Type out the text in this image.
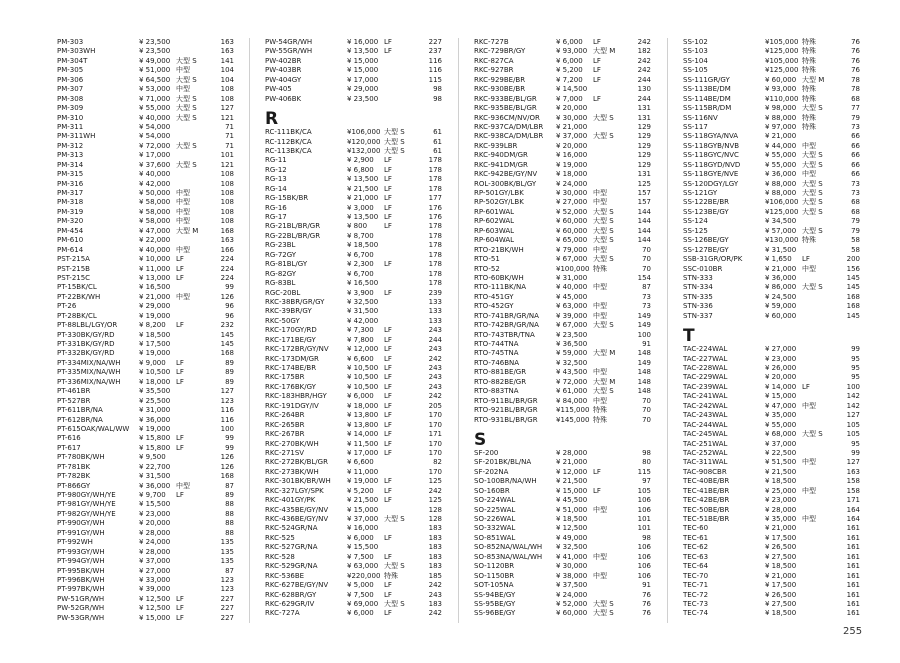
PM-303	¥ 23,500	163
PM-303WH	¥ 23,500	163
PM-304T	¥ 49,000 大型 S	141
PM-305	¥ 51,000 中型	104
PM-306	¥ 64,500 大型 S	104
PM-307	¥ 53,000 中型	108
PM-308	¥ 71,000 大型 S	108
PM-309	¥ 55,000 大型 S	127
PM-310	¥ 40,000 大型 S	121
PM-311	¥ 54,000	71
PM-311WH	¥ 54,000	71
PM-312	¥ 72,000 大型 S	71
PM-313	¥ 17,000	101
PM-314	¥ 37,600 大型 S	121
PM-315	¥ 40,000	108
PM-316	¥ 42,000	108
PM-317	¥ 50,000 中型	108
PM-318	¥ 58,000 中型	108
PM-319	¥ 58,000 中型	108
PM-320	¥ 58,000 中型	108
PM-454	¥ 47,000 大型 M	168
PM-610	¥ 22,000	163
PM-614	¥ 40,000 中型	166
PST-215A	¥ 10,000 LF	224
PST-215B	¥ 11,000 LF	224
PST-215C	¥ 13,000 LF	224
PT-15BK/CL	¥ 16,500	99
PT-22BK/WH	¥ 21,000 中型	126
PT-26	¥ 29,000	96
PT-28BK/CL	¥ 19,000	96
PT-88LBL/LGY/OR	¥ 8,200 LF	232
PT-330BK/GY/RD	¥ 18,500	145
PT-331BK/GY/RD	¥ 17,500	145
PT-332BK/GY/RD	¥ 19,000	168
PT-334MIX/NA/WH	¥ 9,000 LF	89
PT-335MIX/NA/WH	¥ 10,500 LF	89
PT-336MIX/NA/WH	¥ 18,000 LF	89
PT-461BR	¥ 35,500	127
PT-527BR	¥ 25,500	123
PT-611BR/NA	¥ 31,000	116
PT-612BR/NA	¥ 36,000	116
PT-615OAK/WAL/WW ¥ 19,000	100
PT-616	¥ 15,800 LF	99
PT-617	¥ 15,800 LF	99
PT-780BK/WH	¥ 9,500	126
PT-781BK	¥ 22,700	126
PT-782BK	¥ 31,500	168
PT-866GY	¥ 36,000 中型	87
PT-980GY/WH/YE	¥ 9,700 LF	89
PT-981GY/WH/YE	¥ 15,500	88
PT-982GY/WH/YE	¥ 23,000	88
PT-990GY/WH	¥ 20,000	88
PT-991GY/WH	¥ 28,000	88
PT-992WH	¥ 24,000	135
PT-993GY/WH	¥ 28,000	135
PT-994GY/WH	¥ 37,000	135
PT-995BK/WH	¥ 27,000	87
PT-996BK/WH	¥ 33,000	123
PT-997BK/WH	¥ 39,000	123
PW-51GR/WH	¥ 12,500 LF	227
PW-52GR/WH	¥ 12,500 LF	227
PW-53GR/WH	¥ 15,000 LF	227
PW-54GR/WH	¥ 16,000 LF	227
PW-55GR/WH	¥ 13,500 LF	237
PW-402BR	¥ 15,000	116
PW-403BR	¥ 15,000	116
PW-404GY	¥ 17,000	115
PW-405	¥ 29,000	98
PW-406BK	¥ 23,500	98
R
RC-111BK/CA	¥106,000 大型 S	61
RC-112BK/CA	¥120,000 大型 S	61
RC-113BK/CA	¥132,000 大型 S	61
RG-11	¥ 2,900 LF	178
RG-12	¥ 6,800 LF	178
RG-13	¥ 13,500 LF	178
RG-14	¥ 21,500 LF	178
RG-15BK/BR	¥ 21,000 LF	177
RG-16	¥ 3,000 LF	176
RG-17	¥ 13,500 LF	176
RG-21BL/BR/GR	¥ 800 LF	178
RG-22BL/BR/GR	¥ 8,700	178
RG-23BL	¥ 18,500	178
RG-72GY	¥ 6,700	178
RG-81BL/GY	¥ 2,300 LF	178
RG-82GY	¥ 6,700	178
RG-83BL	¥ 16,500	178
RGC-20BL	¥ 3,900 LF	239
RKC-38BR/GR/GY	¥ 32,500	133
RKC-39BR/GY	¥ 31,500	133
RKC-50GY	¥ 42,000	133
RKC-170GY/RD	¥ 7,300 LF	243
RKC-171BE/GY	¥ 7,800 LF	244
RKC-172BR/GY/NV	¥ 12,000 LF	243
RKC-173DM/GR	¥ 6,600 LF	242
RKC-174BE/BR	¥ 10,500 LF	243
RKC-175BR	¥ 10,500 LF	243
RKC-176BK/GY	¥ 10,500 LF	243
RKC-183HBR/HGY	¥ 6,000 LF	242
RKC-191DGY/IV	¥ 18,000 LF	205
RKC-264BR	¥ 13,800 LF	170
RKC-265BR	¥ 13,800 LF	170
RKC-267BR	¥ 14,000 LF	171
RKC-270BK/WH	¥ 11,500 LF	170
RKC-271SV	¥ 17,000 LF	170
RKC-272BK/BL/GR	¥ 6,600	82
RKC-273BK/WH	¥ 11,000	170
RKC-301BK/BR/WH ¥ 19,000 LF	125
RKC-327LGY/SPK	¥ 5,200 LF	242
RKC-401GY/PK	¥ 21,500 LF	125
RKC-435BE/GY/NV	¥ 15,000	128
RKC-436BE/GY/NV	¥ 37,000 大型 S	128
RKC-524GR/NA	¥ 16,000	183
RKC-525	¥ 6,000 LF	183
RKC-527GR/NA	¥ 15,500	183
RKC-528	¥ 7,500 LF	183
RKC-529GR/NA	¥ 63,000 大型 S	183
RKC-536BE	¥220,000 特殊	185
RKC-627BE/GY/NV	¥ 5,000 LF	242
RKC-628BR/GY	¥ 7,500 LF	243
RKC-629GR/IV	¥ 69,000 大型 S	183
RKC-727A	¥ 6,000 LF	242
RKC-727B	¥ 6,000 LF	242
RKC-729BR/GY	¥ 93,000 大型 M	182
RKC-827CA	¥ 6,000 LF	242
RKC-927BR	¥ 5,200 LF	242
RKC-929BE/BR	¥ 7,200 LF	244
RKC-930BE/BR	¥ 14,500	130
RKC-933BE/BL/GR	¥ 7,000 LF	244
RKC-935BE/BL/GR	¥ 20,000	131
RKC-936CM/NV/OR ¥ 30,000 大型 S	131
RKC-937CA/DM/LBR ¥ 21,000	129
RKC-938CA/DM/LBR ¥ 37,000 大型 S	129
RKC-939LBR	¥ 20,000	129
RKC-940DM/GR	¥ 16,000	129
RKC-941DM/GR	¥ 19,000	129
RKC-942BE/GY/NV	¥ 18,000	131
ROL-300BK/BL/GY	¥ 24,000	125
RP-501GY/LBK	¥ 30,000 中型	157
RP-502GY/LBK	¥ 27,000 中型	157
RP-601WAL	¥ 52,000 大型 S	144
RP-602WAL	¥ 60,000 大型 S	144
RP-603WAL	¥ 60,000 大型 S	144
RP-604WAL	¥ 65,000 大型 S	144
RTO-21BK/WH	¥ 79,000 中型	70
RTO-51	¥ 67,000 大型 S	70
RTO-52	¥100,000 特殊	70
RTO-60BK/WH	¥ 31,000	154
RTO-111BK/NA	¥ 40,000 中型	87
RTO-451GY	¥ 45,000	73
RTO-452GY	¥ 63,000 中型	73
RTO-741BR/GR/NA ¥ 39,000 中型	149
RTO-742BR/GR/NA ¥ 67,000 大型 S	149
RTO-743TBR/TNA	¥ 23,500	100
RTO-744TNA	¥ 36,500	91
RTO-745TNA	¥ 59,000 大型 M	148
RTO-746BNA	¥ 32,500	149
RTO-881BE/GR	¥ 43,500 中型	148
RTO-882BE/GR	¥ 72,000 大型 M	148
RTO-883TNA	¥ 61,000 大型 S	148
RTO-911BL/BR/GR	¥ 84,000 中型	70
RTO-921BL/BR/GR	¥115,000 特殊	70
RTO-931BL/BR/GR	¥145,000 特殊	70
S
SF-200	¥ 28,000	98
SF-201BK/BL/NA	¥ 21,000	80
SF-202NA	¥ 12,000 LF	115
SO-100BR/NA/WH	¥ 21,500	97
SO-160BR	¥ 15,000 LF	105
SO-224WAL	¥ 45,500	106
SO-225WAL	¥ 51,000 中型	106
SO-226WAL	¥ 18,500	101
SO-332WAL	¥ 12,500	101
SO-851WAL	¥ 49,000	98
SO-852NA/WAL/WH ¥ 32,500	106
SO-853NA/WAL/WH ¥ 41,000 中型	106
SO-1120BR	¥ 30,000	106
SO-1150BR	¥ 38,000 中型	106
SOT-105NA	¥ 37,500	91
SS-94BE/GY	¥ 24,000	76
SS-95BE/GY	¥ 52,000 大型 S	76
SS-96BE/GY	¥ 60,000 大型 S	76
SS-102	¥105,000 特殊	76
SS-103	¥125,000 特殊	76
SS-104	¥105,000 特殊	76
SS-105	¥125,000 特殊	76
SS-111GR/GY	¥ 60,000 大型 M	78
SS-113BE/DM	¥ 93,000 特殊	78
SS-114BE/DM	¥110,000 特殊	68
SS-115BR/DM	¥ 98,000 大型 S	77
SS-116NV	¥ 88,000 特殊	79
SS-117	¥ 97,000 特殊	73
SS-118GYA/NVA	¥ 21,000	66
SS-118GYB/NVB	¥ 44,000 中型	66
SS-118GYC/NVC	¥ 55,000 大型 S	66
SS-118GYD/NVD	¥ 55,000 大型 S	66
SS-118GYE/NVE	¥ 36,000 中型	66
SS-120DGY/LGY	¥ 88,000 大型 S	73
SS-121GY	¥ 88,000 大型 S	73
SS-122BE/BR	¥106,000 大型 S	68
SS-123BE/GY	¥125,000 大型 S	68
SS-124	¥ 34,500	79
SS-125	¥ 57,000 大型 S	79
SS-126BE/GY	¥130,000 特殊	58
SS-127BE/GY	¥ 31,500	58
SSB-31GR/OR/PK	¥ 1,650 LF	200
SSC-010BR	¥ 21,000 中型	156
STN-333	¥ 36,000	145
STN-334	¥ 86,000 大型 S	145
STN-335	¥ 24,500	168
STN-336	¥ 59,000	168
STN-337	¥ 60,000	145
T
TAC-224WAL	¥ 27,000	99
TAC-227WAL	¥ 23,000	95
TAC-228WAL	¥ 26,000	95
TAC-229WAL	¥ 20,000	95
TAC-239WAL	¥ 14,000 LF	100
TAC-241WAL	¥ 15,000	142
TAC-242WAL	¥ 47,000 中型	142
TAC-243WAL	¥ 35,000	127
TAC-244WAL	¥ 55,000	105
TAC-245WAL	¥ 68,000 大型 S	105
TAC-251WAL	¥ 37,000	95
TAC-252WAL	¥ 22,500	99
TAC-311WAL	¥ 51,500 中型	127
TAC-908CBR	¥ 21,500	163
TEC-40BE/BR	¥ 18,500	158
TEC-41BE/BR	¥ 25,000 中型	158
TEC-42BE/BR	¥ 23,000	171
TEC-50BE/BR	¥ 28,000	164
TEC-51BE/BR	¥ 35,000 中型	164
TEC-60	¥ 21,000	161
TEC-61	¥ 17,500	161
TEC-62	¥ 26,500	161
TEC-63	¥ 27,500	161
TEC-64	¥ 18,500	161
TEC-70	¥ 21,000	161
TEC-71	¥ 17,500	161
TEC-72	¥ 26,500	161
TEC-73	¥ 27,500	161
TEC-74	¥ 18,500	161
255
